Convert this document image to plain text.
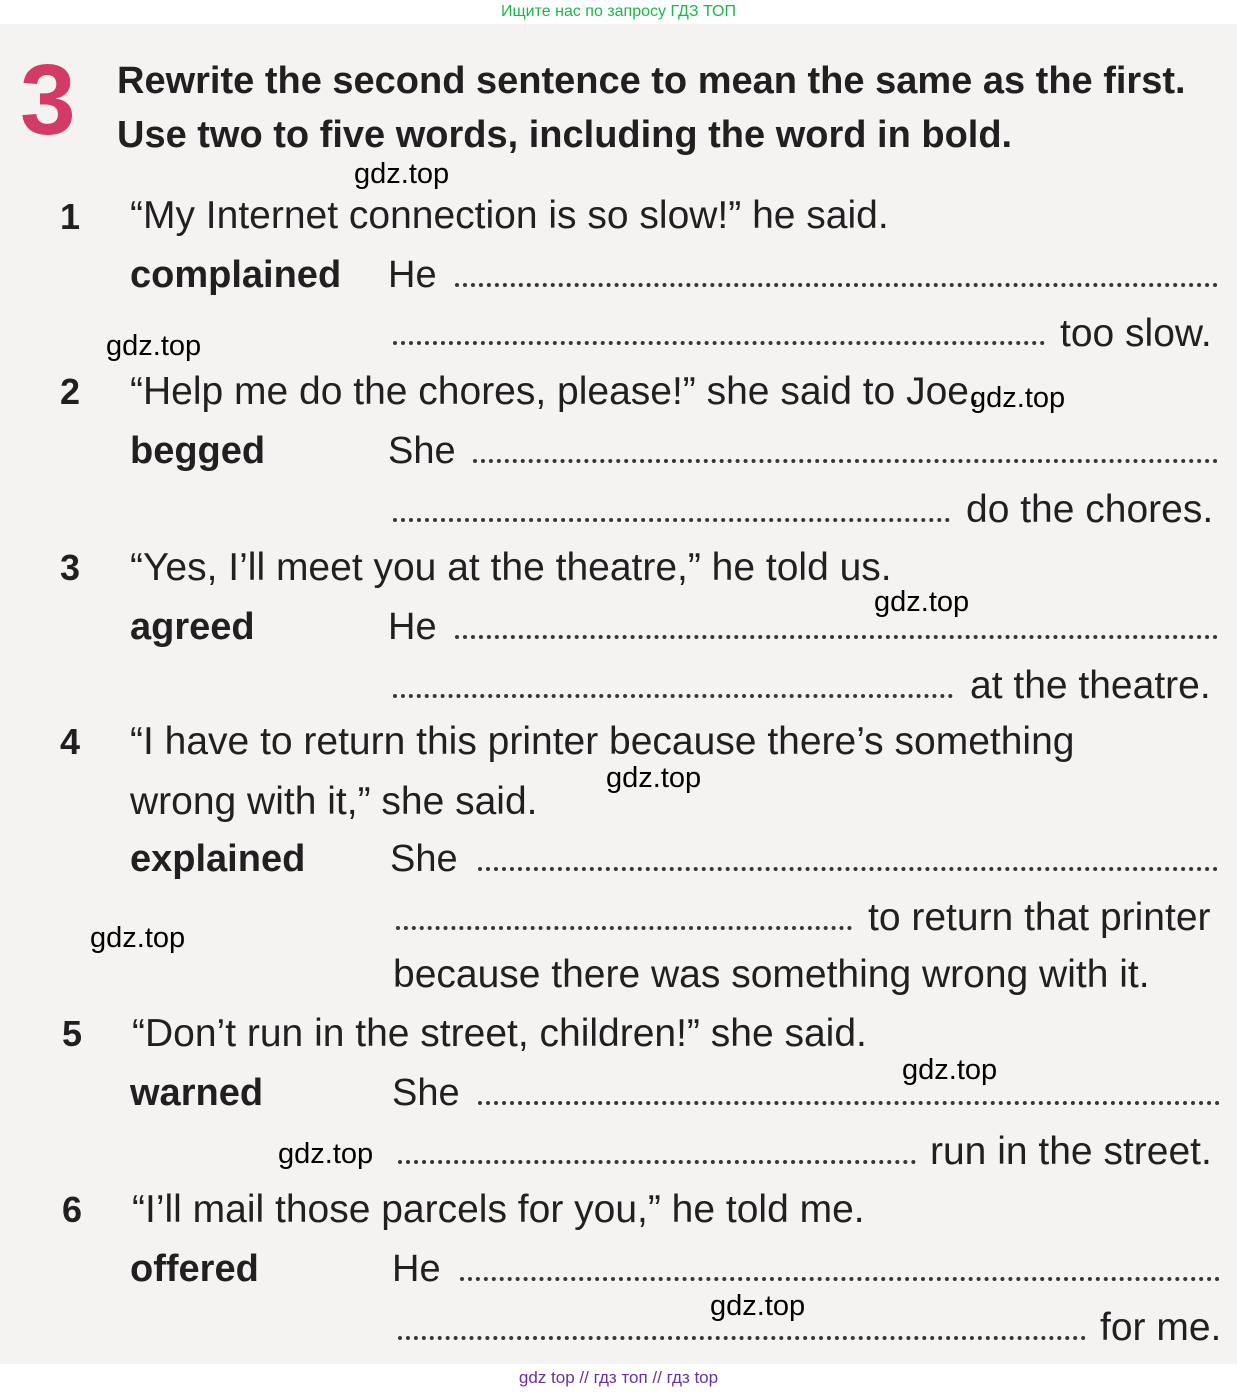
Ищите нас по запросу ГДЗ ТОП
3 Rewrite the second sentence to mean the same as the first.
Use two to five words, including the word in bold.
1 “My Internet connection is so slow!” he said.
complained He
too slow.
2 “Help me do the chores, please!” she said to Joe.
begged	She
do the chores.
3 “Yes, I’ll meet you at the theatre,” he told us.
agreed	He
at the theatre.
4 “I have to return this printer because there’s something
wrong with it,” she said.
explained She
to return that printer
because there was something wrong with it.
5 “Don’t run in the street, children!” she said.
warned	She
run in the street.
6 “I’ll mail those parcels for you,” he told me.
offered	He
for me.
gdz.top
gdz.top
gdz.top
gdz.top
gdz.top
gdz.top
gdz.top
gdz.top
gdz.top
gdz top // гдз топ // гдз top
